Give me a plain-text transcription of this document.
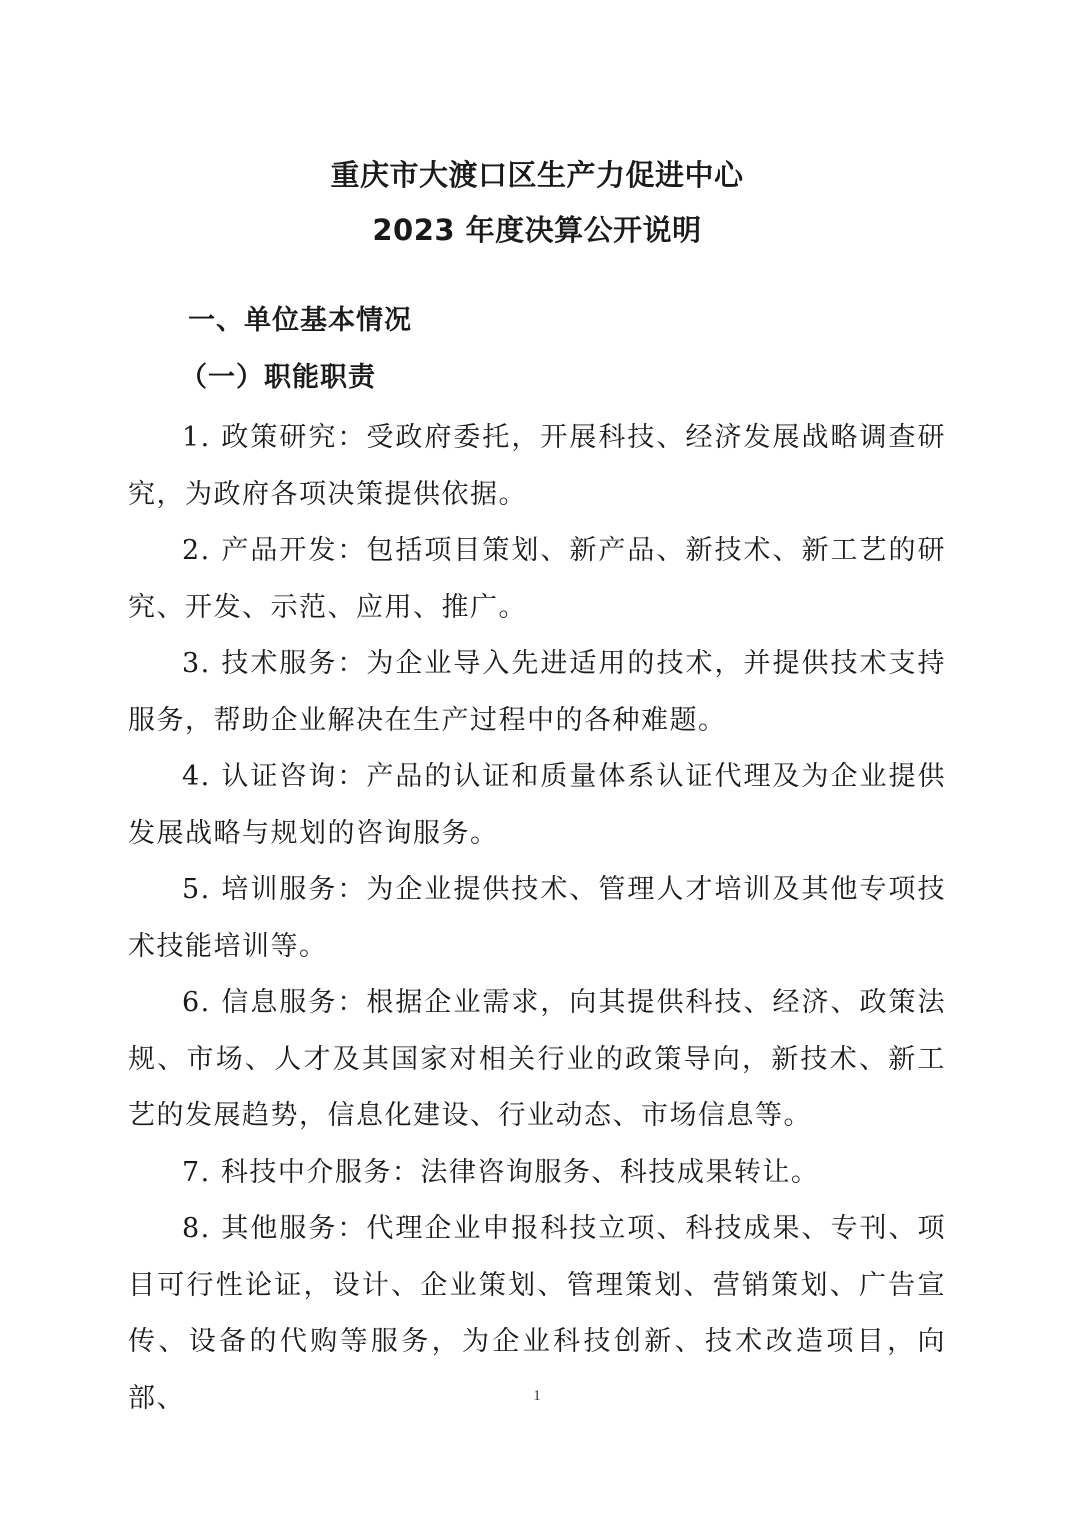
重庆市大渡口区生产力促进中心
2023 年度决算公开说明
一、单位基本情况
（一）职能职责

1. 政策研究：受政府委托，开展科技、经济发展战略调查研究，为政府各项决策提供依据。

2. 产品开发：包括项目策划、新产品、新技术、新工艺的研究、开发、示范、应用、推广。

3. 技术服务：为企业导入先进适用的技术，并提供技术支持服务，帮助企业解决在生产过程中的各种难题。

4. 认证咨询：产品的认证和质量体系认证代理及为企业提供发展战略与规划的咨询服务。

5. 培训服务：为企业提供技术、管理人才培训及其他专项技术技能培训等。

6. 信息服务：根据企业需求，向其提供科技、经济、政策法规、市场、人才及其国家对相关行业的政策导向，新技术、新工艺的发展趋势，信息化建设、行业动态、市场信息等。

7. 科技中介服务：法律咨询服务、科技成果转让。

8. 其他服务：代理企业申报科技立项、科技成果、专刊、项目可行性论证，设计、企业策划、管理策划、营销策划、广告宣传、设备的代购等服务，为企业科技创新、技术改造项目，向部、	1
